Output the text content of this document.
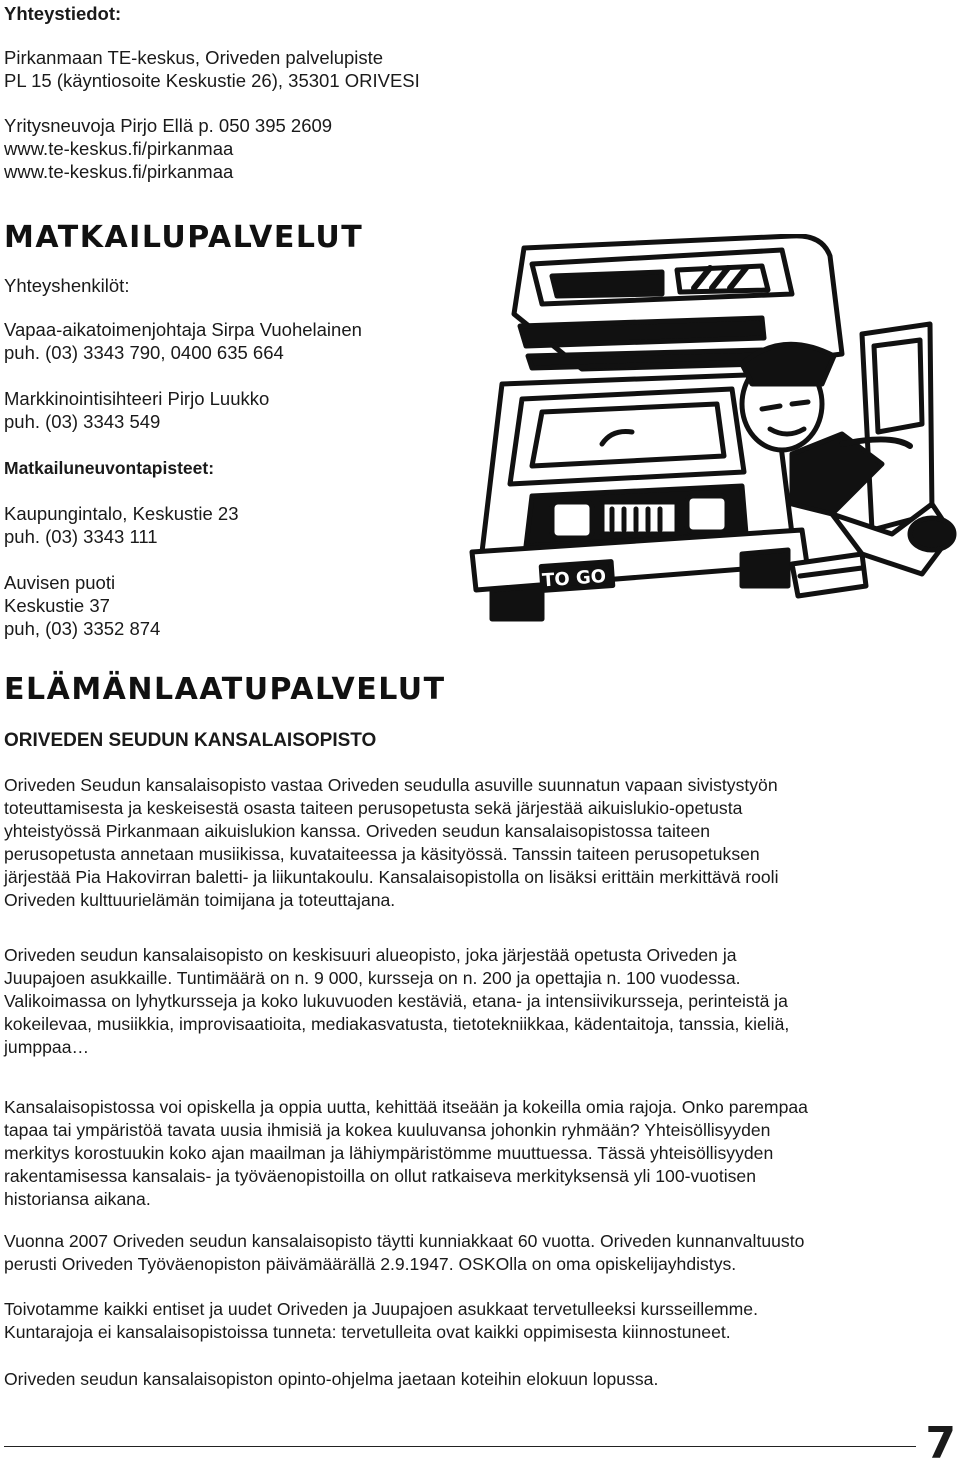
Yhteystiedot:

Pirkanmaan TE-keskus, Oriveden palvelupiste
PL 15 (käyntiosoite Keskustie 26), 35301 ORIVESI

Yritysneuvoja Pirjo Ellä p. 050 395 2609
www.te-keskus.fi/pirkanmaa
www.te-keskus.fi/pirkanmaa

MATKAILUPALVELUT

Yhteyshenkilöt:

Vapaa-aikatoimenjohtaja Sirpa Vuohelainen
puh. (03) 3343 790, 0400 635 664

Markkinointisihteeri Pirjo Luukko
puh. (03) 3343 549

Matkailuneuvontapisteet:

Kaupungintalo, Keskustie 23
puh. (03) 3343 111

Auvisen puoti
Keskustie 37
puh, (03) 3352 874

TO GO
ELÄMÄNLAATUPALVELUT
ORIVEDEN SEUDUN KANSALAISOPISTO

Oriveden Seudun kansalaisopisto vastaa Oriveden seudulla asuville suunnatun vapaan sivistystyön
toteuttamisesta ja keskeisestä osasta taiteen perusopetusta sekä järjestää aikuislukio-opetusta
yhteistyössä Pirkanmaan aikuislukion kanssa. Oriveden seudun kansalaisopistossa taiteen
perusopetusta annetaan musiikissa, kuvataiteessa ja käsityössä. Tanssin taiteen perusopetuksen
järjestää Pia Hakovirran baletti- ja liikuntakoulu. Kansalaisopistolla on lisäksi erittäin merkittävä rooli
Oriveden kulttuurielämän toimijana ja toteuttajana.

Oriveden seudun kansalaisopisto on keskisuuri alueopisto, joka järjestää opetusta Oriveden ja
Juupajoen asukkaille. Tuntimäärä on n. 9 000, kursseja on n. 200 ja opettajia n. 100 vuodessa.
Valikoimassa on lyhytkursseja ja koko lukuvuoden kestäviä, etana- ja intensiivikursseja, perinteistä ja
kokeilevaa, musiikkia, improvisaatioita, mediakasvatusta, tietotekniikkaa, kädentaitoja, tanssia, kieliä,
jumppaa…

Kansalaisopistossa voi opiskella ja oppia uutta, kehittää itseään ja kokeilla omia rajoja. Onko parempaa
tapaa tai ympäristöä tavata uusia ihmisiä ja kokea kuuluvansa johonkin ryhmään? Yhteisöllisyyden
merkitys korostuukin koko ajan maailman ja lähiympäristömme muuttuessa. Tässä yhteisöllisyyden
rakentamisessa kansalais- ja työväenopistoilla on ollut ratkaiseva merkityksensä yli 100-vuotisen
historiansa aikana.

Vuonna 2007 Oriveden seudun kansalaisopisto täytti kunniakkaat 60 vuotta. Oriveden kunnanvaltuusto
perusti Oriveden Työväenopiston päivämäärällä 2.9.1947. OSKOlla on oma opiskelijayhdistys.

Toivotamme kaikki entiset ja uudet Oriveden ja Juupajoen asukkaat tervetulleeksi kursseillemme.
Kuntarajoja ei kansalaisopistoissa tunneta: tervetulleita ovat kaikki oppimisesta kiinnostuneet.

Oriveden seudun kansalaisopiston opinto-ohjelma jaetaan koteihin elokuun lopussa.

7
